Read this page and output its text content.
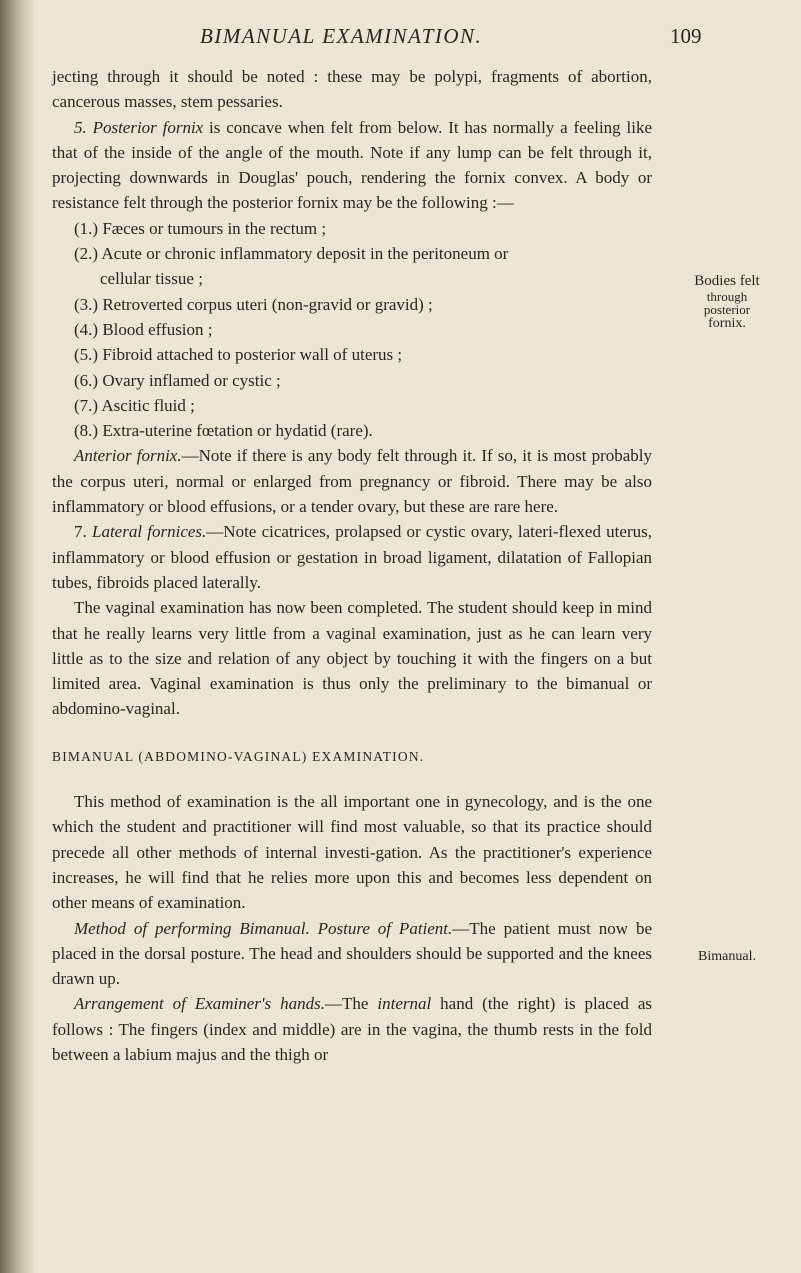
BIMANUAL EXAMINATION.	109

jecting through it should be noted : these may be polypi, fragments of abortion, cancerous masses, stem pessaries.

5. Posterior fornix is concave when felt from below. It has normally a feeling like that of the inside of the angle of the mouth. Note if any lump can be felt through it, projecting downwards in Douglas' pouch, rendering the fornix convex. A body or resistance felt through the posterior fornix may be the following :—

(1.) Fæces or tumours in the rectum ;

(2.) Acute or chronic inflammatory deposit in the peritoneum or

cellular tissue ;

(3.) Retroverted corpus uteri (non-gravid or gravid) ;

(4.) Blood effusion ;

(5.) Fibroid attached to posterior wall of uterus ;

(6.) Ovary inflamed or cystic ;

(7.) Ascitic fluid ;

(8.) Extra-uterine fœtation or hydatid (rare).

Anterior fornix.—Note if there is any body felt through it. If so, it is most probably the corpus uteri, normal or enlarged from pregnancy or fibroid. There may be also inflammatory or blood effusions, or a tender ovary, but these are rare here.

7. Lateral fornices.—Note cicatrices, prolapsed or cystic ovary, lateri-flexed uterus, inflammatory or blood effusion or gestation in broad ligament, dilatation of Fallopian tubes, fibroids placed laterally.

The vaginal examination has now been completed. The student should keep in mind that he really learns very little from a vaginal examination, just as he can learn very little as to the size and relation of any object by touching it with the fingers on a but limited area. Vaginal examination is thus only the preliminary to the bimanual or abdomino-vaginal.

BIMANUAL (ABDOMINO-VAGINAL) EXAMINATION.

This method of examination is the all important one in gynecology, and is the one which the student and practitioner will find most valuable, so that its practice should precede all other methods of internal investi-gation. As the practitioner's experience increases, he will find that he relies more upon this and becomes less dependent on other means of examination.

Method of performing Bimanual. Posture of Patient.—The patient must now be placed in the dorsal posture. The head and shoulders should be supported and the knees drawn up.

Arrangement of Examiner's hands.—The internal hand (the right) is placed as follows : The fingers (index and middle) are in the vagina, the thumb rests in the fold between a labium majus and the thigh or

Bodies felt
through
posterior
fornix.
Bimanual.
